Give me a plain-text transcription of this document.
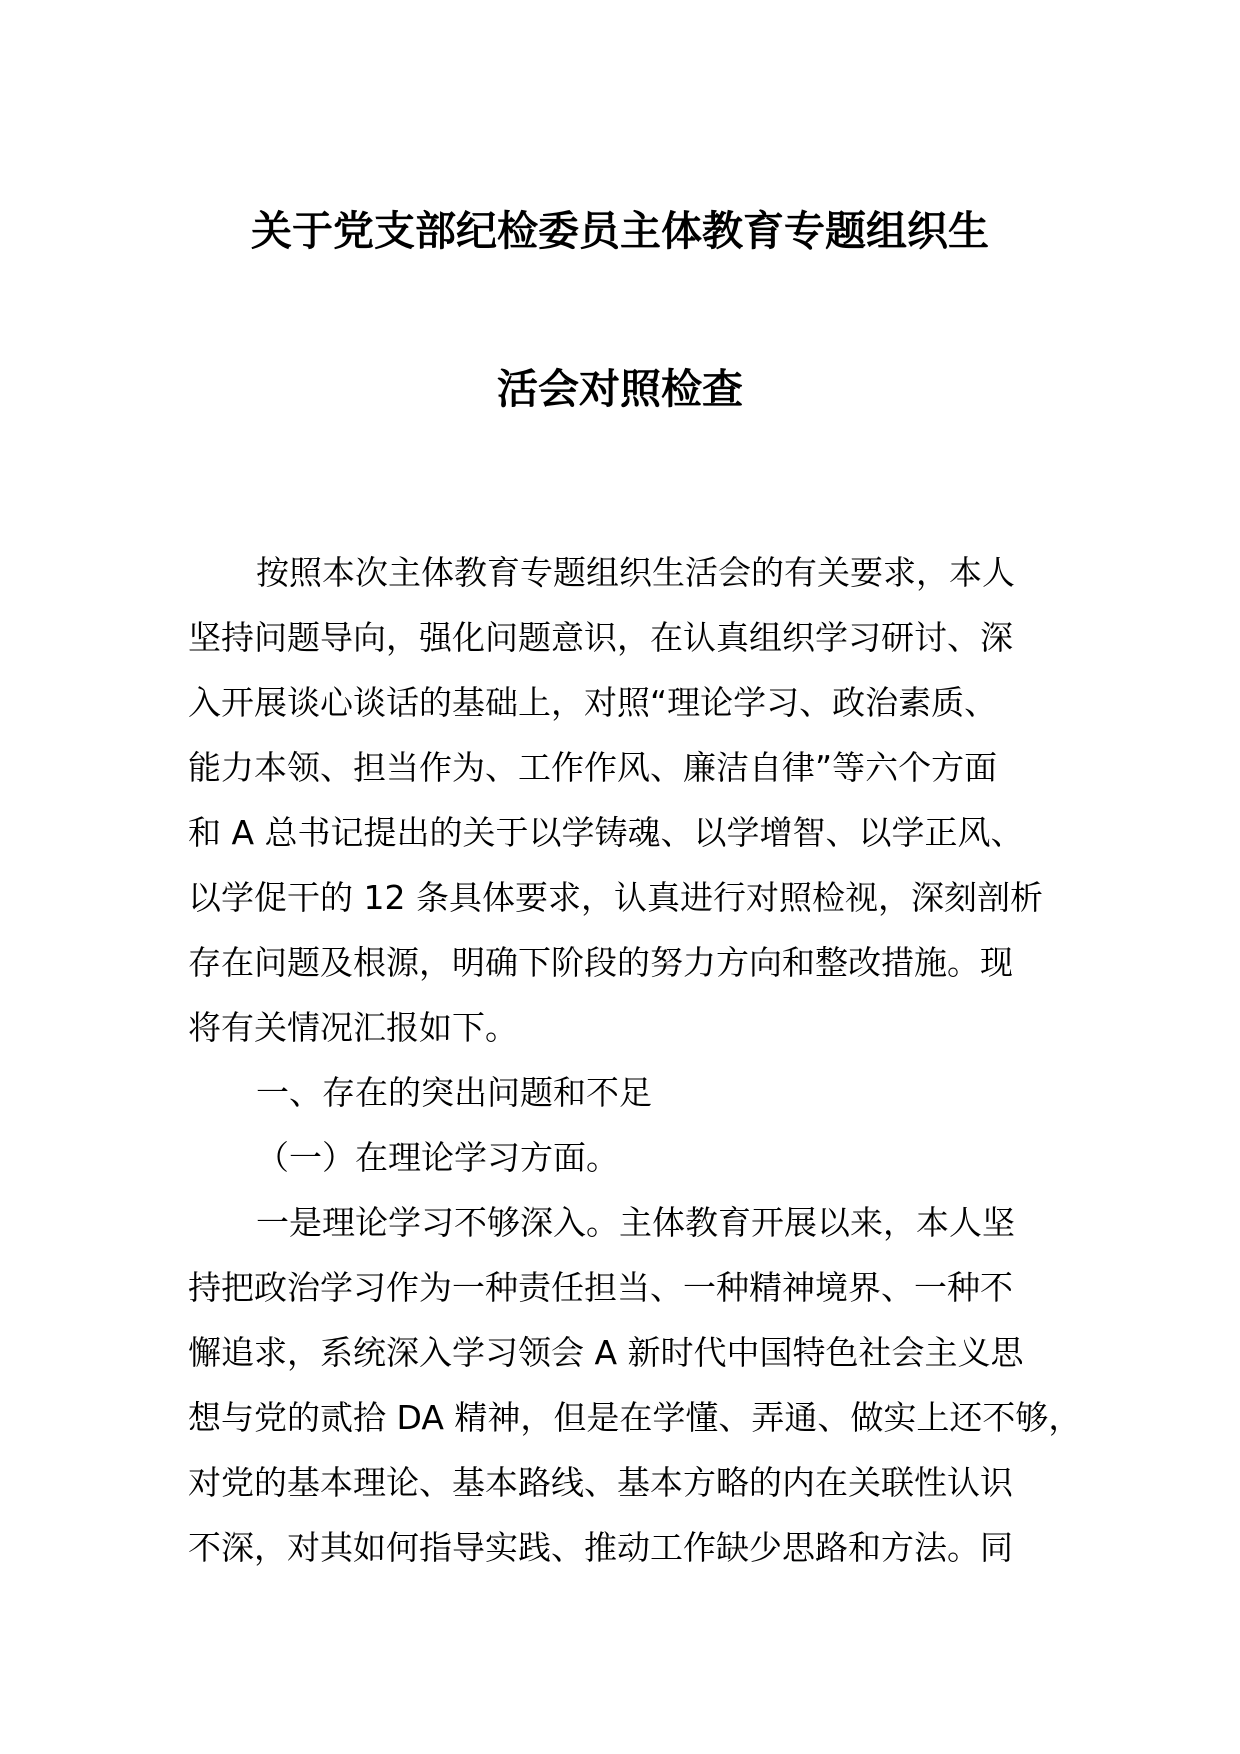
关于党支部纪检委员主体教育专题组织生
活会对照检查
按照本次主体教育专题组织生活会的有关要求，本人
坚持问题导向，强化问题意识，在认真组织学习研讨、深
入开展谈心谈话的基础上，对照“理论学习、政治素质、
能力本领、担当作为、工作作风、廉洁自律”等六个方面
和 A 总书记提出的关于以学铸魂、以学增智、以学正风、
以学促干的 12 条具体要求，认真进行对照检视，深刻剖析
存在问题及根源，明确下阶段的努力方向和整改措施。现
将有关情况汇报如下。
一、存在的突出问题和不足
（一）在理论学习方面。
一是理论学习不够深入。主体教育开展以来，本人坚
持把政治学习作为一种责任担当、一种精神境界、一种不
懈追求，系统深入学习领会 A 新时代中国特色社会主义思
想与党的贰拾 DA 精神，但是在学懂、弄通、做实上还不够，
对党的基本理论、基本路线、基本方略的内在关联性认识
不深，对其如何指导实践、推动工作缺少思路和方法。同
